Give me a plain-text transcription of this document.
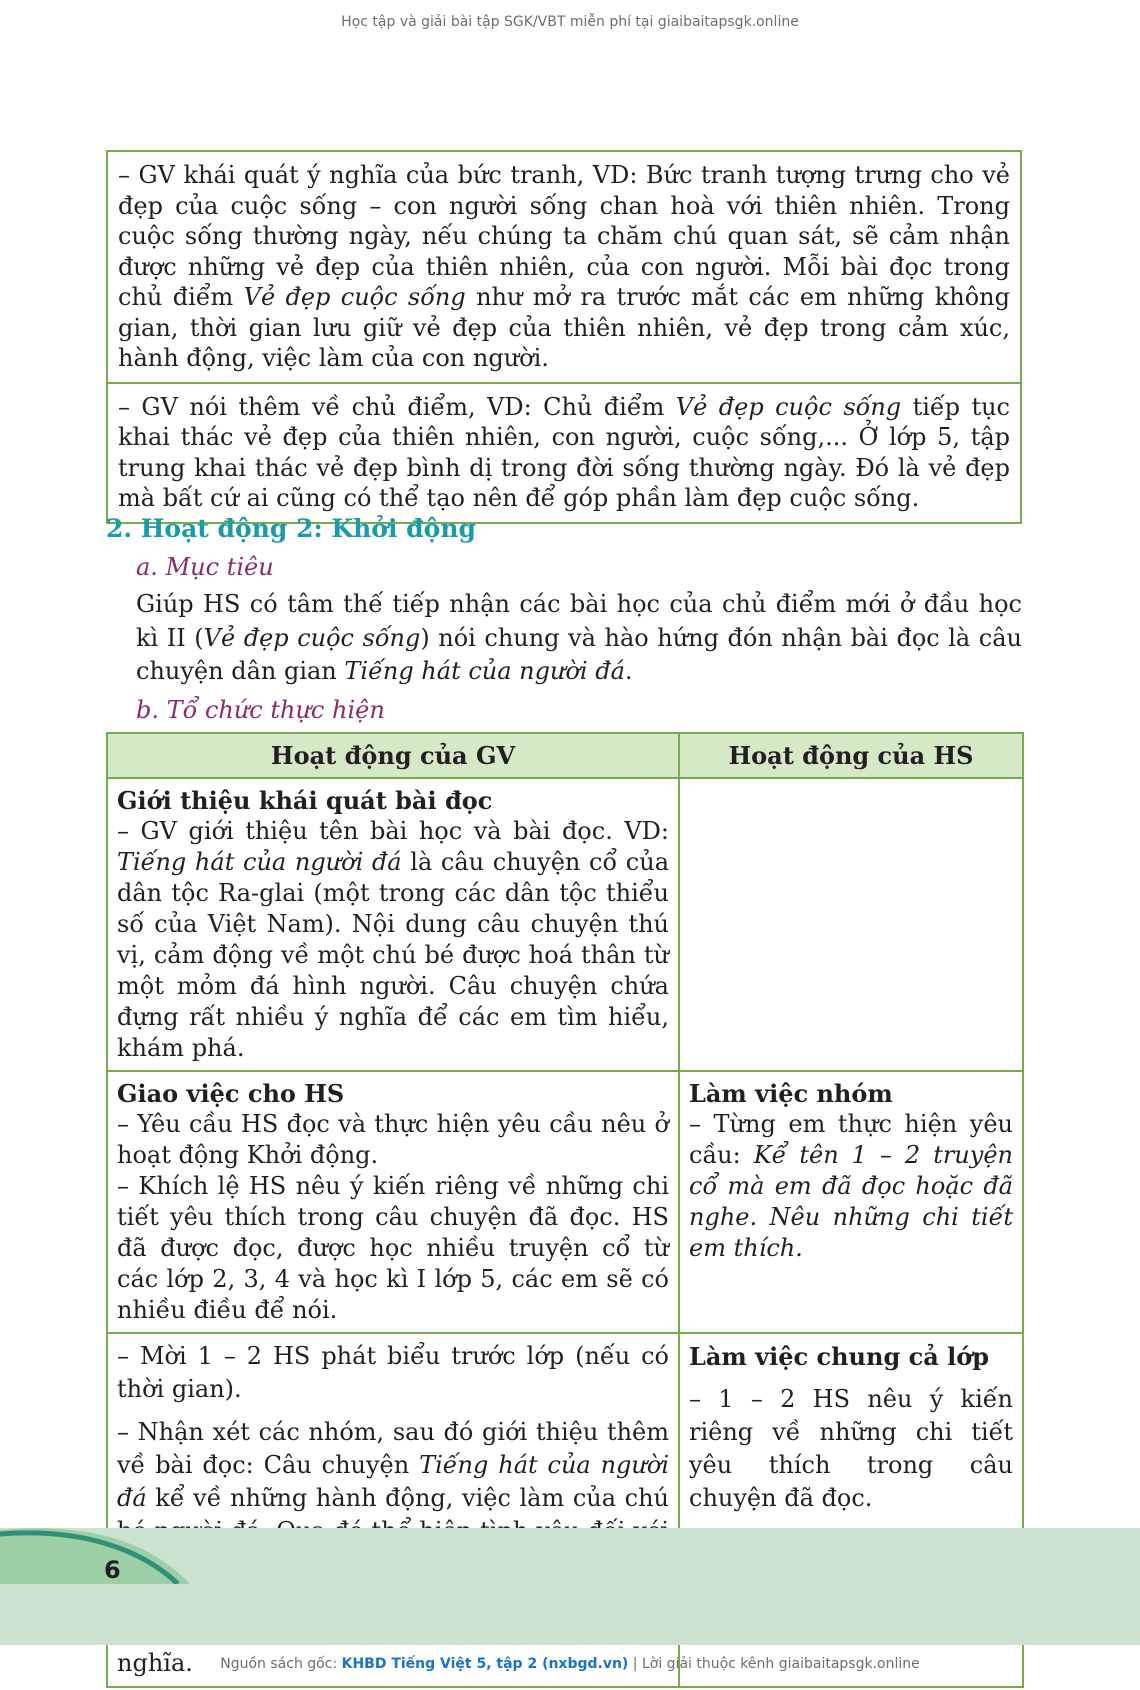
Học tập và giải bài tập SGK/VBT miễn phí tại giaibaitapsgk.online
– GV khái quát ý nghĩa của bức tranh, VD: Bức tranh tượng trưng cho vẻ đẹp của cuộc sống – con người sống chan hoà với thiên nhiên. Trong cuộc sống thường ngày, nếu chúng ta chăm chú quan sát, sẽ cảm nhận được những vẻ đẹp của thiên nhiên, của con người. Mỗi bài đọc trong chủ điểm Vẻ đẹp cuộc sống như mở ra trước mắt các em những không gian, thời gian lưu giữ vẻ đẹp của thiên nhiên, vẻ đẹp trong cảm xúc, hành động, việc làm của con người.
– GV nói thêm về chủ điểm, VD: Chủ điểm Vẻ đẹp cuộc sống tiếp tục khai thác vẻ đẹp của thiên nhiên, con người, cuộc sống,... Ở lớp 5, tập trung khai thác vẻ đẹp bình dị trong đời sống thường ngày. Đó là vẻ đẹp mà bất cứ ai cũng có thể tạo nên để góp phần làm đẹp cuộc sống.
2. Hoạt động 2: Khởi động

a. Mục tiêu

Giúp HS có tâm thế tiếp nhận các bài học của chủ điểm mới ở đầu học kì II (Vẻ đẹp cuộc sống) nói chung và hào hứng đón nhận bài đọc là câu chuyện dân gian Tiếng hát của người đá.

b. Tổ chức thực hiện

Hoạt động của GV	Hoạt động của HS

Giới thiệu khái quát bài đọc
– GV giới thiệu tên bài học và bài đọc. VD: Tiếng hát của người đá là câu chuyện cổ của dân tộc Ra-glai (một trong các dân tộc thiểu số của Việt Nam). Nội dung câu chuyện thú vị, cảm động về một chú bé được hoá thân từ một mỏm đá hình người. Câu chuyện chứa đựng rất nhiều ý nghĩa để các em tìm hiểu, khám phá.	

Giao việc cho HS
– Yêu cầu HS đọc và thực hiện yêu cầu nêu ở hoạt động Khởi động.
– Khích lệ HS nêu ý kiến riêng về những chi tiết yêu thích trong câu chuyện đã đọc. HS đã được đọc, được học nhiều truyện cổ từ các lớp 2, 3, 4 và học kì I lớp 5, các em sẽ có nhiều điều để nói.	Làm việc nhóm
– Từng em thực hiện yêu cầu: Kể tên 1 – 2 truyện cổ mà em đã đọc hoặc đã nghe. Nêu những chi tiết em thích.

– Mời 1 – 2 HS phát biểu trước lớp (nếu có thời gian).
– Nhận xét các nhóm, sau đó giới thiệu thêm về bài đọc: Câu chuyện Tiếng hát của người đá kể về những hành động, việc làm của chú nghĩa.	Làm việc chung cả lớp
– 1 – 2 HS nêu ý kiến riêng về những chi tiết yêu thích trong câu chuyện đã đọc.

6

Nguồn sách gốc: KHBD Tiếng Việt 5, tập 2 (nxbgd.vn) | Lời giải thuộc kênh giaibaitapsgk.online
